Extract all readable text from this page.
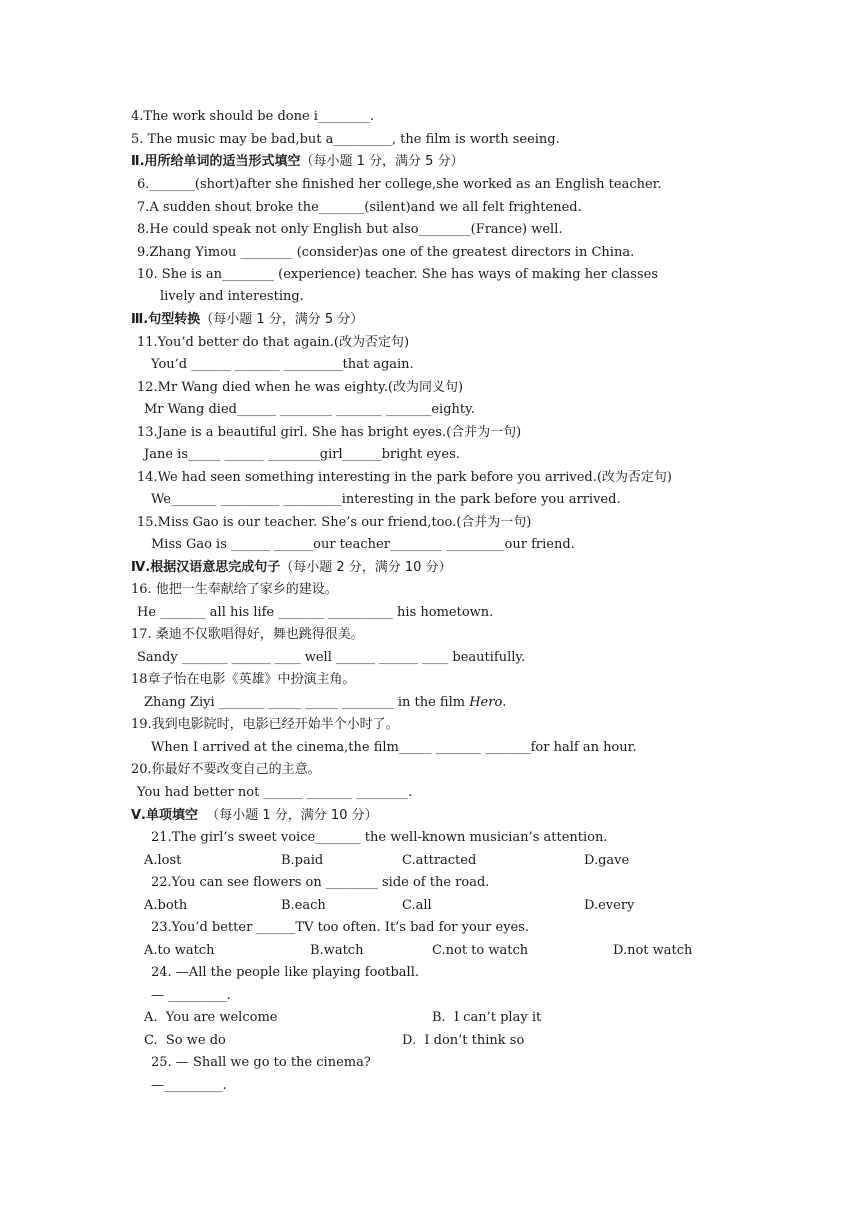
4.The work should be done i________.
5. The music may be bad,but a_________, the film is worth seeing.
Ⅱ.用所给单词的适当形式填空（每小题 1 分，满分 5 分）
6._______(short)after she finished her college,she worked as an English teacher.
7.A sudden shout broke the_______(silent)and we all felt frightened.
8.He could speak not only English but also________(France) well.
9.Zhang Yimou ________ (consider)as one of the greatest directors in China.
10. She is an________ (experience) teacher. She has ways of making her classes
lively and interesting.
Ⅲ.句型转换（每小题 1 分，满分 5 分）
11.You’d better do that again.(改为否定句)
You’d ______ _______ _________that again.
12.Mr Wang died when he was eighty.(改为同义句)
Mr Wang died______ ________ _______ _______eighty.
13.Jane is a beautiful girl. She has bright eyes.(合并为一句)
Jane is_____ ______ ________girl______bright eyes.
14.We had seen something interesting in the park before you arrived.(改为否定句)
We_______ _________ _________interesting in the park before you arrived.
15.Miss Gao is our teacher. She’s our friend,too.(合并为一句)
Miss Gao is ______ ______our teacher________ _________our friend.
Ⅳ.根据汉语意思完成句子（每小题 2 分，满分 10 分）
16. 他把一生奉献给了家乡的建设。
He _______ all his life _______ __________ his hometown.
17. 桑迪不仅歌唱得好，舞也跳得很美。
Sandy _______ ______ ____ well ______ ______ ____ beautifully.
18章子怡在电影《英雄》中扮演主角。
Zhang Ziyi _______ _____ _____ ________ in the film Hero.
19.我到电影院时，电影已经开始半个小时了。
When I arrived at the cinema,the film_____ _______ _______for half an hour.
20.你最好不要改变自己的主意。
You had better not ______ _______ ________.
Ⅴ.单项填空  （每小题 1 分，满分 10 分）
21.The girl’s sweet voice_______ the well-known musician’s attention.
A.lost	B.paid	C.attracted	D.gave
22.You can see flowers on ________ side of the road.
A.both	B.each	C.all	D.every
23.You’d better ______TV too often. It’s bad for your eyes.
A.to watch	B.watch	C.not to watch	D.not watch
24. —All the people like playing football.
— _________.
A.  You are welcome	B.  I can’t play it
C.  So we do	D.  I don’t think so
25. — Shall we go to the cinema?
—_________.
